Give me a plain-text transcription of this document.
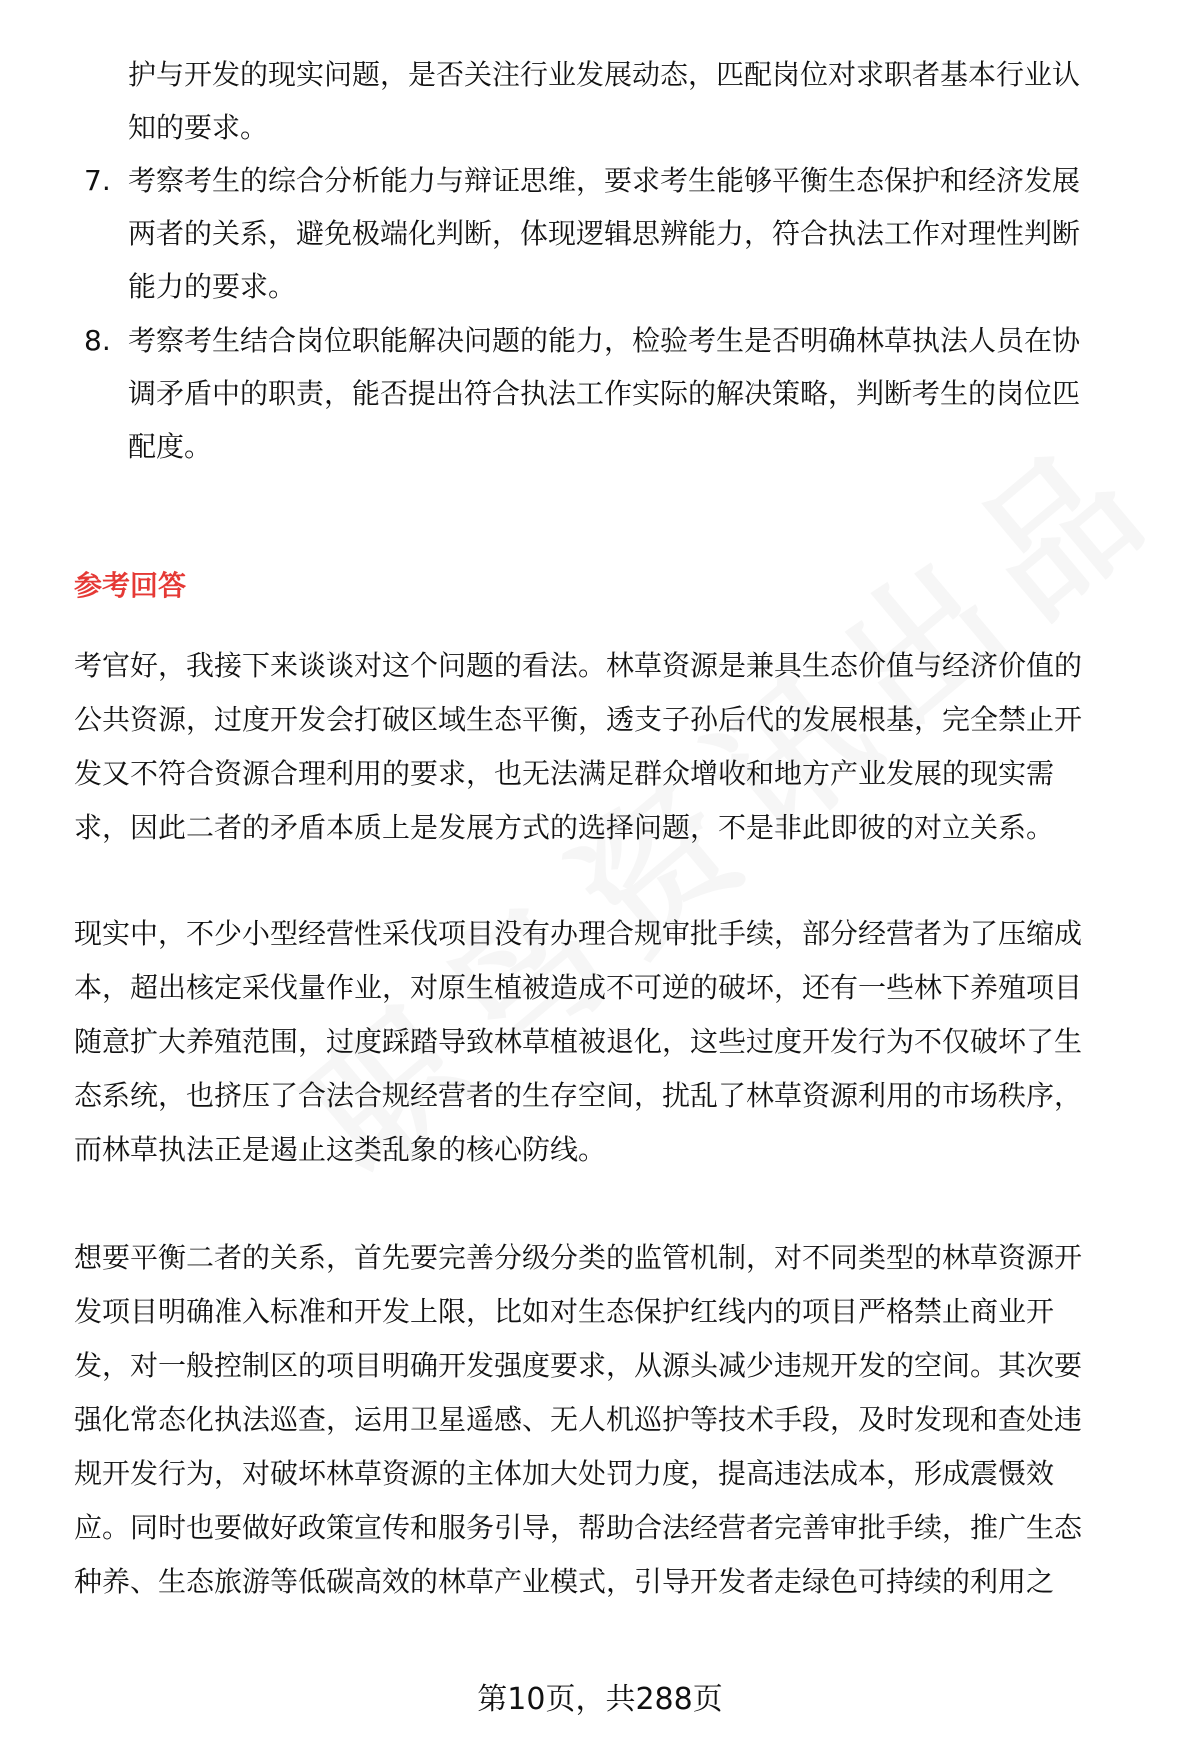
护与开发的现实问题，是否关注行业发展动态，匹配岗位对求职者基本行业认
知的要求。
7. 考察考生的综合分析能力与辩证思维，要求考生能够平衡生态保护和经济发展
两者的关系，避免极端化判断，体现逻辑思辨能力，符合执法工作对理性判断
能力的要求。
8. 考察考生结合岗位职能解决问题的能力，检验考生是否明确林草执法人员在协
调矛盾中的职责，能否提出符合执法工作实际的解决策略，判断考生的岗位匹
配度。
参考回答
考官好，我接下来谈谈对这个问题的看法。林草资源是兼具生态价值与经济价值的
公共资源，过度开发会打破区域生态平衡，透支子孙后代的发展根基，完全禁止开
发又不符合资源合理利用的要求，也无法满足群众增收和地方产业发展的现实需
求，因此二者的矛盾本质上是发展方式的选择问题，不是非此即彼的对立关系。
现实中，不少小型经营性采伐项目没有办理合规审批手续，部分经营者为了压缩成
本，超出核定采伐量作业，对原生植被造成不可逆的破坏，还有一些林下养殖项目
随意扩大养殖范围，过度踩踏导致林草植被退化，这些过度开发行为不仅破坏了生
态系统，也挤压了合法合规经营者的生存空间，扰乱了林草资源利用的市场秩序，
而林草执法正是遏止这类乱象的核心防线。
想要平衡二者的关系，首先要完善分级分类的监管机制，对不同类型的林草资源开
发项目明确准入标准和开发上限，比如对生态保护红线内的项目严格禁止商业开
发，对一般控制区的项目明确开发强度要求，从源头减少违规开发的空间。其次要
强化常态化执法巡查，运用卫星遥感、无人机巡护等技术手段，及时发现和查处违
规开发行为，对破坏林草资源的主体加大处罚力度，提高违法成本，形成震慑效
应。同时也要做好政策宣传和服务引导，帮助合法经营者完善审批手续，推广生态
种养、生态旅游等低碳高效的林草产业模式，引导开发者走绿色可持续的利用之
第10页，共288页
